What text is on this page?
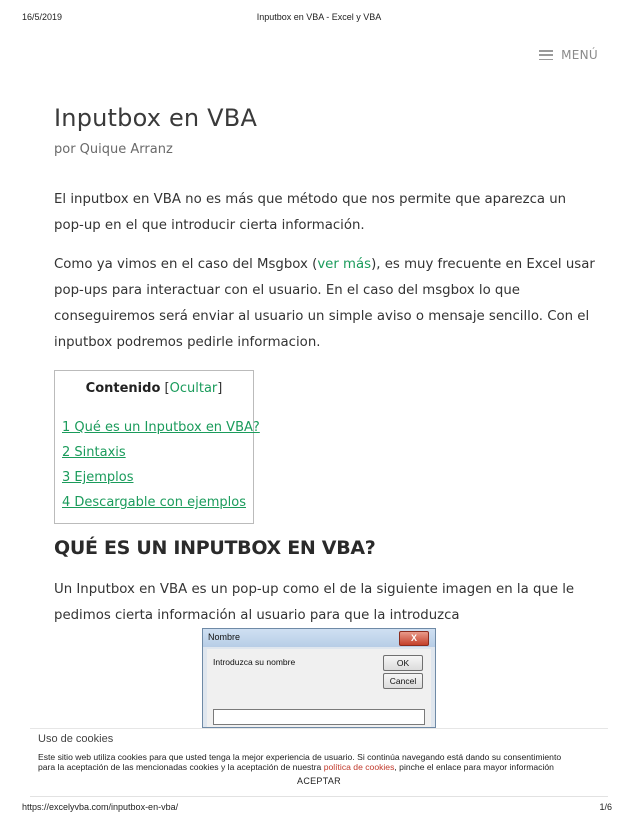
16/5/2019	Inputbox en VBA - Excel y VBA
MENÚ
Inputbox en VBA
por Quique Arranz

El inputbox en VBA no es más que método que nos permite que aparezca un
pop-up en el que introducir cierta información.

Como ya vimos en el caso del Msgbox (ver más), es muy frecuente en Excel usar
pop-ups para interactuar con el usuario. En el caso del msgbox lo que
conseguiremos será enviar al usuario un simple aviso o mensaje sencillo. Con el
inputbox podremos pedirle informacion.

Contenido [Ocultar]
1 Qué es un Inputbox en VBA?
2 Sintaxis
3 Ejemplos
4 Descargable con ejemplos
QUÉ ES UN INPUTBOX EN VBA?

Un Inputbox en VBA es un pop-up como el de la siguiente imagen en la que le
pedimos cierta información al usuario para que la introduzca

Nombre	X
Introduzca su nombre	OK
Cancel
Uso de cookies
Este sitio web utiliza cookies para que usted tenga la mejor experiencia de usuario. Si continúa navegando está dando su consentimiento
para la aceptación de las mencionadas cookies y la aceptación de nuestra política de cookies, pinche el enlace para mayor información
ACEPTAR
https://excelyvba.com/inputbox-en-vba/	1/6
